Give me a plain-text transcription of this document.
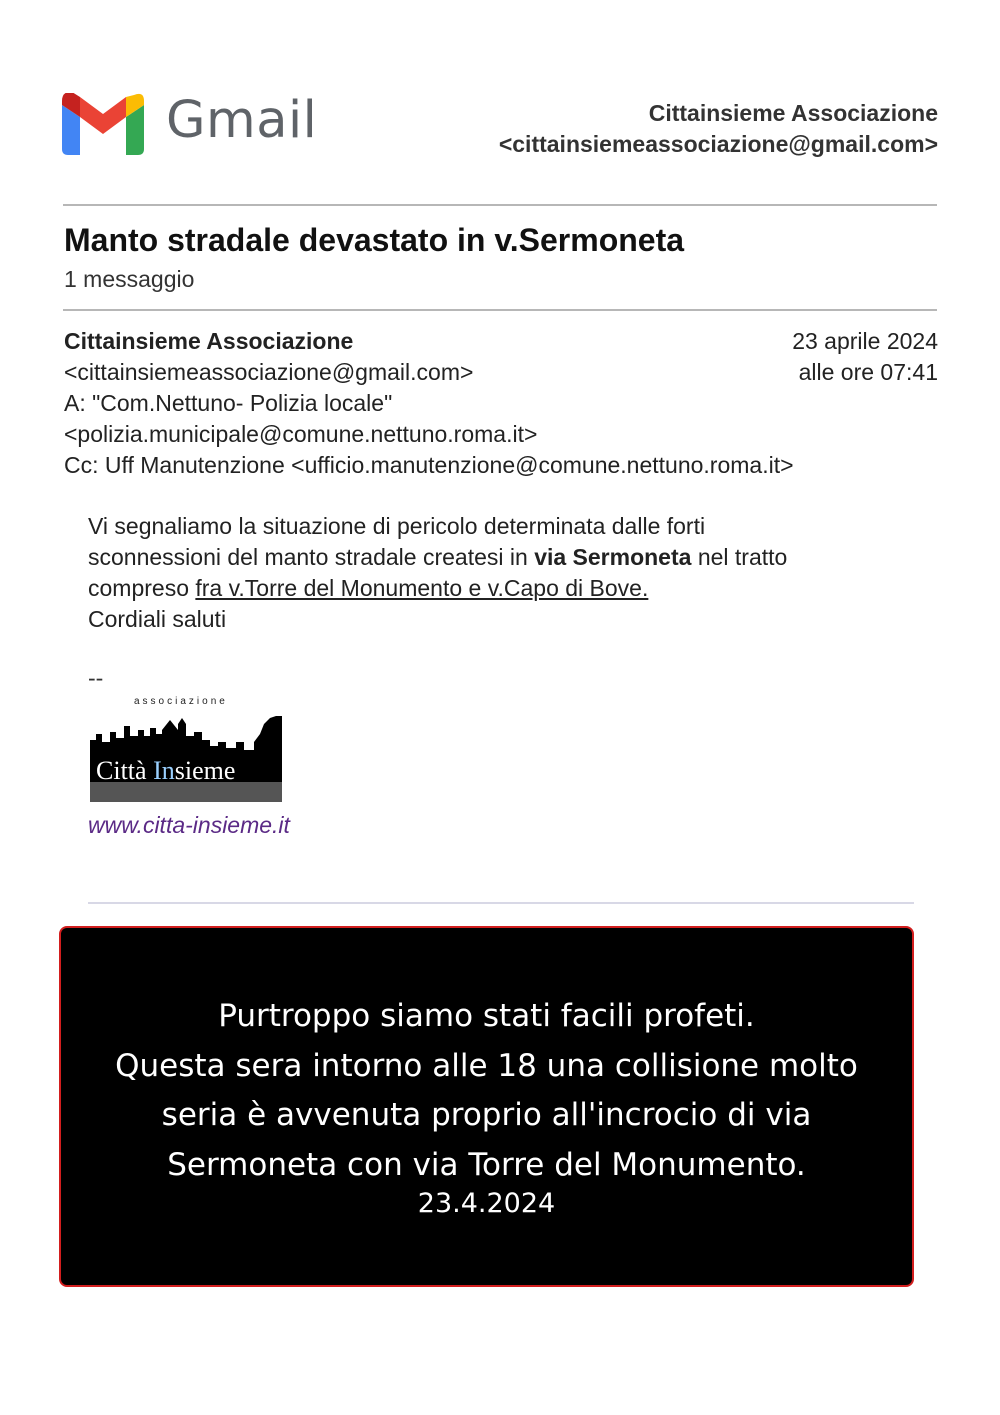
Gmail	Cittainsieme Associazione
<cittainsiemeassociazione@gmail.com>
Manto stradale devastato in v.Sermoneta
1 messaggio
Cittainsieme Associazione
<cittainsiemeassociazione@gmail.com>
A: "Com.Nettuno- Polizia locale"
<polizia.municipale@comune.nettuno.roma.it>
Cc: Uff Manutenzione <ufficio.manutenzione@comune.nettuno.roma.it>
23 aprile 2024
alle ore 07:41
Vi segnaliamo la situazione di pericolo determinata dalle forti
sconnessioni del manto stradale createsi in via Sermoneta nel tratto
compreso fra v.Torre del Monumento e v.Capo di Bove.
Cordiali saluti
--
associazione
Città Insieme
www.citta-insieme.it
Purtroppo siamo stati facili profeti.
Questa sera intorno alle 18 una collisione molto
seria è avvenuta proprio all'incrocio di via
Sermoneta con via Torre del Monumento.
23.4.2024
